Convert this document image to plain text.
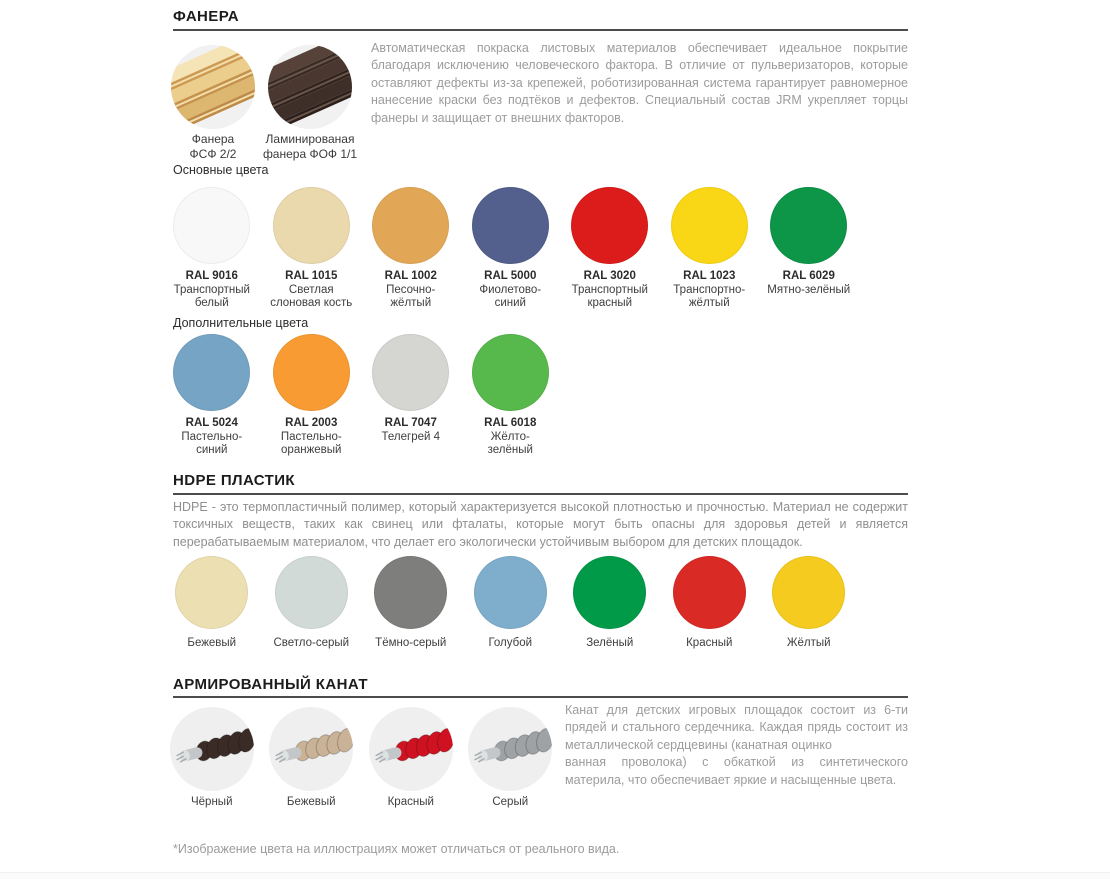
ФАНЕРА
Фанера
ФСФ 2/2
Ламинированая
фанера ФОФ 1/1
Автоматическая покраска листовых материалов обеспечивает идеальное покрытие благодаря исключению человеческого фактора. В отличие от пульверизаторов, которые оставляют дефекты из-за крепежей, роботизированная система гарантирует равномерное нанесение краски без подтёков и дефектов. Специальный состав JRM укрепляет торцы фанеры и защищает от внешних факторов.
Основные цвета
RAL 9016
Транспортный
белый
RAL 1015
Светлая
слоновая кость
RAL 1002
Песочно-
жёлтый
RAL 5000
Фиолетово-
синий
RAL 3020
Транспортный
красный
RAL 1023
Транспортно-
жёлтый
RAL 6029
Мятно-зелёный
Дополнительные цвета
RAL 5024
Пастельно-
синий
RAL 2003
Пастельно-
оранжевый
RAL 7047
Телегрей 4
RAL 6018
Жёлто-
зелёный
HDPE ПЛАСТИК
HDPE - это термопластичный полимер, который характеризуется высокой плотностью и прочностью. Материал не содержит токсичных веществ, таких как свинец или фталаты, которые могут быть опасны для здоровья детей и является перерабатываемым материалом, что делает его экологически устойчивым выбором для детских площадок.
Бежевый	Светло-серый Тёмно-серый	Голубой	Зелёный	Красный	Жёлтый
АРМИРОВАННЫЙ КАНАТ
Чёрный	Бежевый	Красный	Серый
Канат для детских игровых площадок состоит из 6-ти прядей и стального сердечника. Каждая прядь состоит из металлической сердцевины (канатная оцинко
ванная проволока) с обкаткой из синтетического материла, что обеспечивает яркие и насыщенные цвета.
*Изображение цвета на иллюстрациях может отличаться от реального вида.
